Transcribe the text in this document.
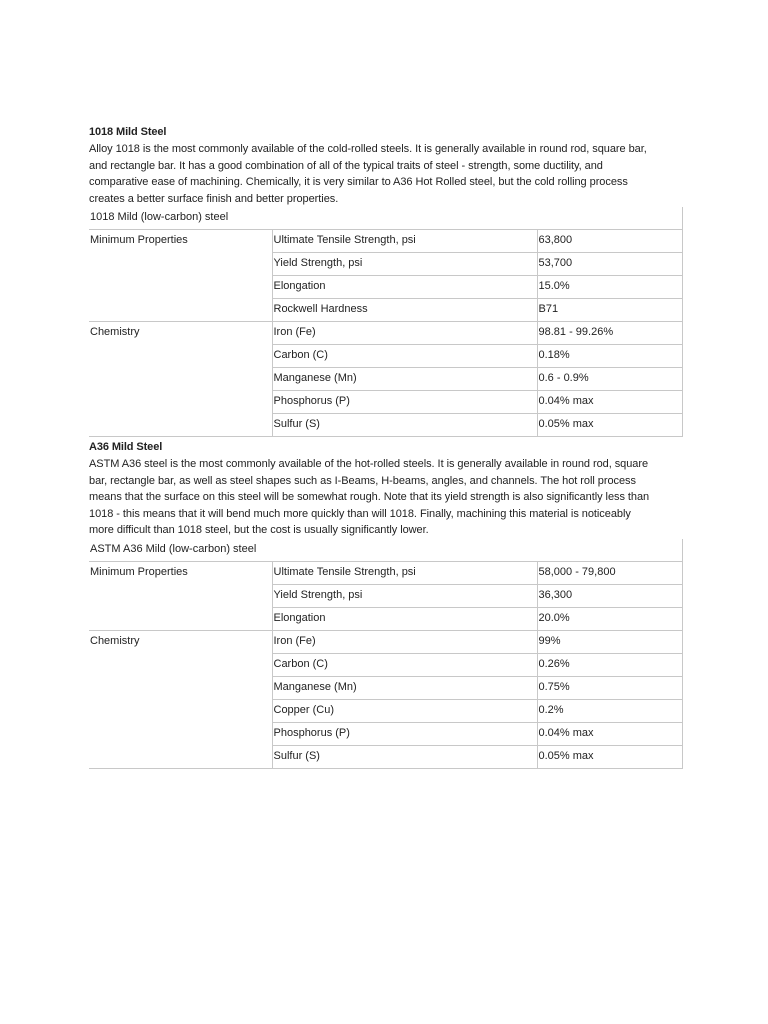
1018 Mild Steel

Alloy 1018 is the most commonly available of the cold-rolled steels. It is generally available in round rod, square bar,
and rectangle bar. It has a good combination of all of the typical traits of steel - strength, some ductility, and
comparative ease of machining. Chemically, it is very similar to A36 Hot Rolled steel, but the cold rolling process
creates a better surface finish and better properties.

1018 Mild (low-carbon) steel		
Minimum Properties	Ultimate Tensile Strength, psi	63,800
	Yield Strength, psi	53,700
	Elongation	15.0%
	Rockwell Hardness	B71
Chemistry	Iron (Fe)	98.81 - 99.26%
	Carbon (C)	0.18%
	Manganese (Mn)	0.6 - 0.9%
	Phosphorus (P)	0.04% max
	Sulfur (S)	0.05% max
A36 Mild Steel

ASTM A36 steel is the most commonly available of the hot-rolled steels. It is generally available in round rod, square
bar, rectangle bar, as well as steel shapes such as I-Beams, H-beams, angles, and channels. The hot roll process
means that the surface on this steel will be somewhat rough. Note that its yield strength is also significantly less than
1018 - this means that it will bend much more quickly than will 1018. Finally, machining this material is noticeably
more difficult than 1018 steel, but the cost is usually significantly lower.

ASTM A36 Mild (low-carbon) steel		
Minimum Properties	Ultimate Tensile Strength, psi	58,000 - 79,800
	Yield Strength, psi	36,300
	Elongation	20.0%
Chemistry	Iron (Fe)	99%
	Carbon (C)	0.26%
	Manganese (Mn)	0.75%
	Copper (Cu)	0.2%
	Phosphorus (P)	0.04% max
	Sulfur (S)	0.05% max
